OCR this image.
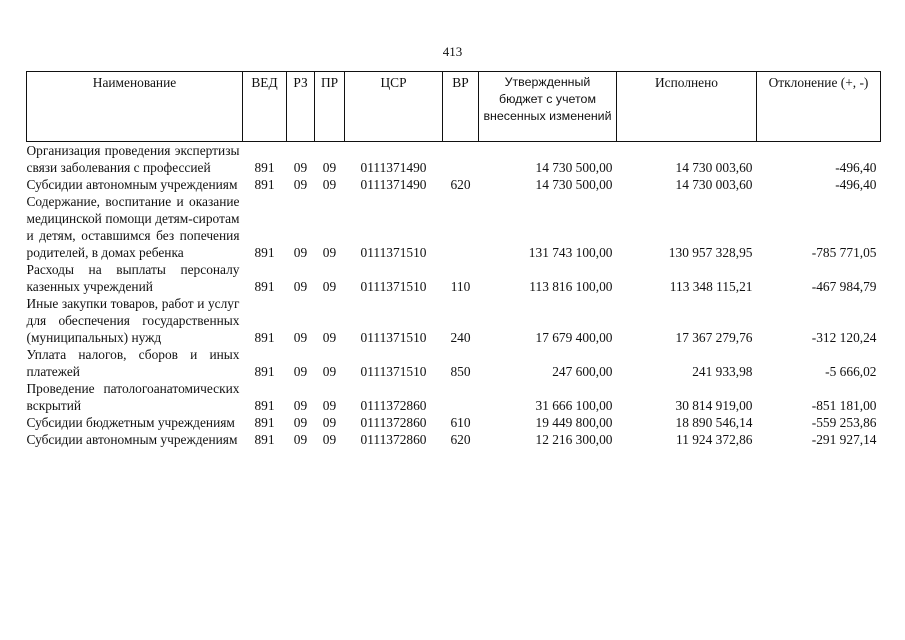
413
Наименование	ВЕД	РЗ	ПР	ЦСР	ВР	Утвержденный бюджет с учетом внесенных изменений	Исполнено	Отклонение (+, -)
Организация проведения экспертизы связи заболевания с профессией	891	09	09	0111371490		14 730 500,00	14 730 003,60	-496,40
Субсидии автономным учреждениям	891	09	09	0111371490	620	14 730 500,00	14 730 003,60	-496,40
Содержание, воспитание и оказание медицинской помощи детям-сиротам и детям, оставшимся без попечения родителей, в домах ребенка	891	09	09	0111371510		131 743 100,00	130 957 328,95	-785 771,05
Расходы на выплаты персоналу казенных учреждений	891	09	09	0111371510	110	113 816 100,00	113 348 115,21	-467 984,79
Иные закупки товаров, работ и услуг для обеспечения государственных (муниципальных) нужд	891	09	09	0111371510	240	17 679 400,00	17 367 279,76	-312 120,24
Уплата налогов, сборов и иных платежей	891	09	09	0111371510	850	247 600,00	241 933,98	-5 666,02
Проведение патологоанатомических вскрытий	891	09	09	0111372860		31 666 100,00	30 814 919,00	-851 181,00
Субсидии бюджетным учреждениям	891	09	09	0111372860	610	19 449 800,00	18 890 546,14	-559 253,86
Субсидии автономным учреждениям	891	09	09	0111372860	620	12 216 300,00	11 924 372,86	-291 927,14
